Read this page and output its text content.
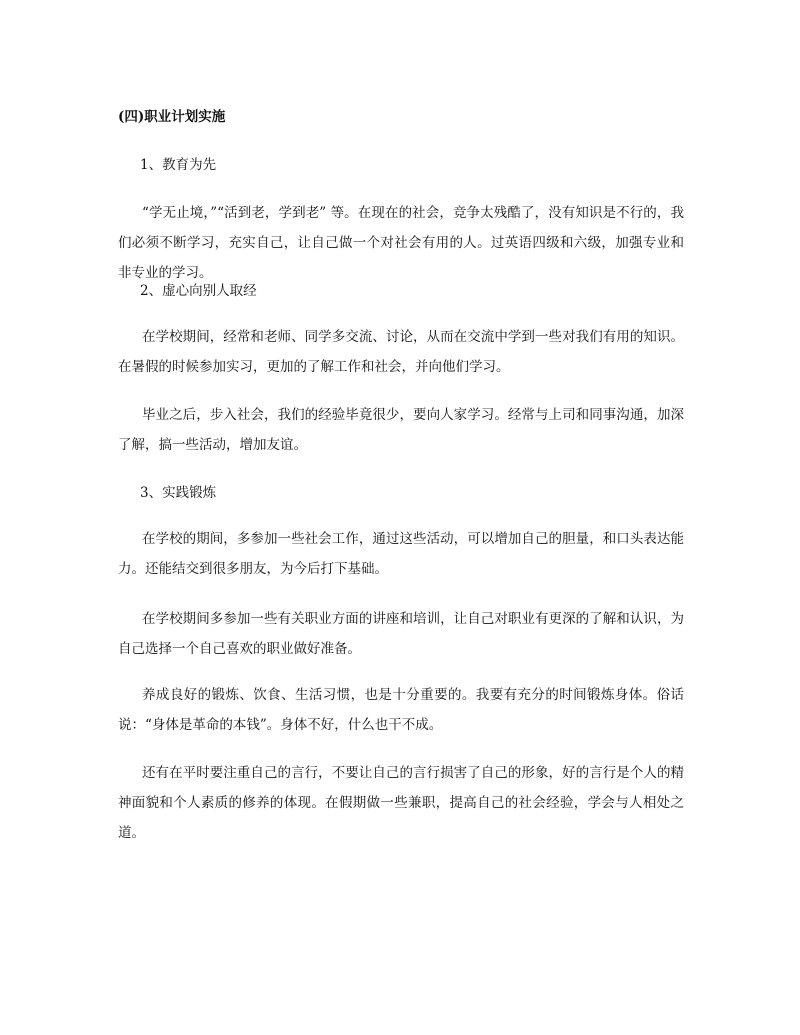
(四)职业计划实施

1、教育为先

“学无止境，”“活到老，学到老” 等。在现在的社会，竞争太残酷了，没有知识是不行的，我们必须不断学习，充实自己，让自己做一个对社会有用的人。过英语四级和六级，加强专业和非专业的学习。

2、虚心向别人取经

在学校期间，经常和老师、同学多交流、讨论，从而在交流中学到一些对我们有用的知识。在暑假的时候参加实习，更加的了解工作和社会，并向他们学习。

毕业之后，步入社会，我们的经验毕竟很少，要向人家学习。经常与上司和同事沟通，加深了解，搞一些活动，增加友谊。

3、实践锻炼

在学校的期间，多参加一些社会工作，通过这些活动，可以增加自己的胆量，和口头表达能力。还能结交到很多朋友，为今后打下基础。

在学校期间多参加一些有关职业方面的讲座和培训，让自己对职业有更深的了解和认识，为自己选择一个自己喜欢的职业做好准备。

养成良好的锻炼、饮食、生活习惯，也是十分重要的。我要有充分的时间锻炼身体。俗话说：“身体是革命的本钱”。身体不好，什么也干不成。

还有在平时要注重自己的言行，不要让自己的言行损害了自己的形象，好的言行是个人的精神面貌和个人素质的修养的体现。在假期做一些兼职，提高自己的社会经验，学会与人相处之道。
